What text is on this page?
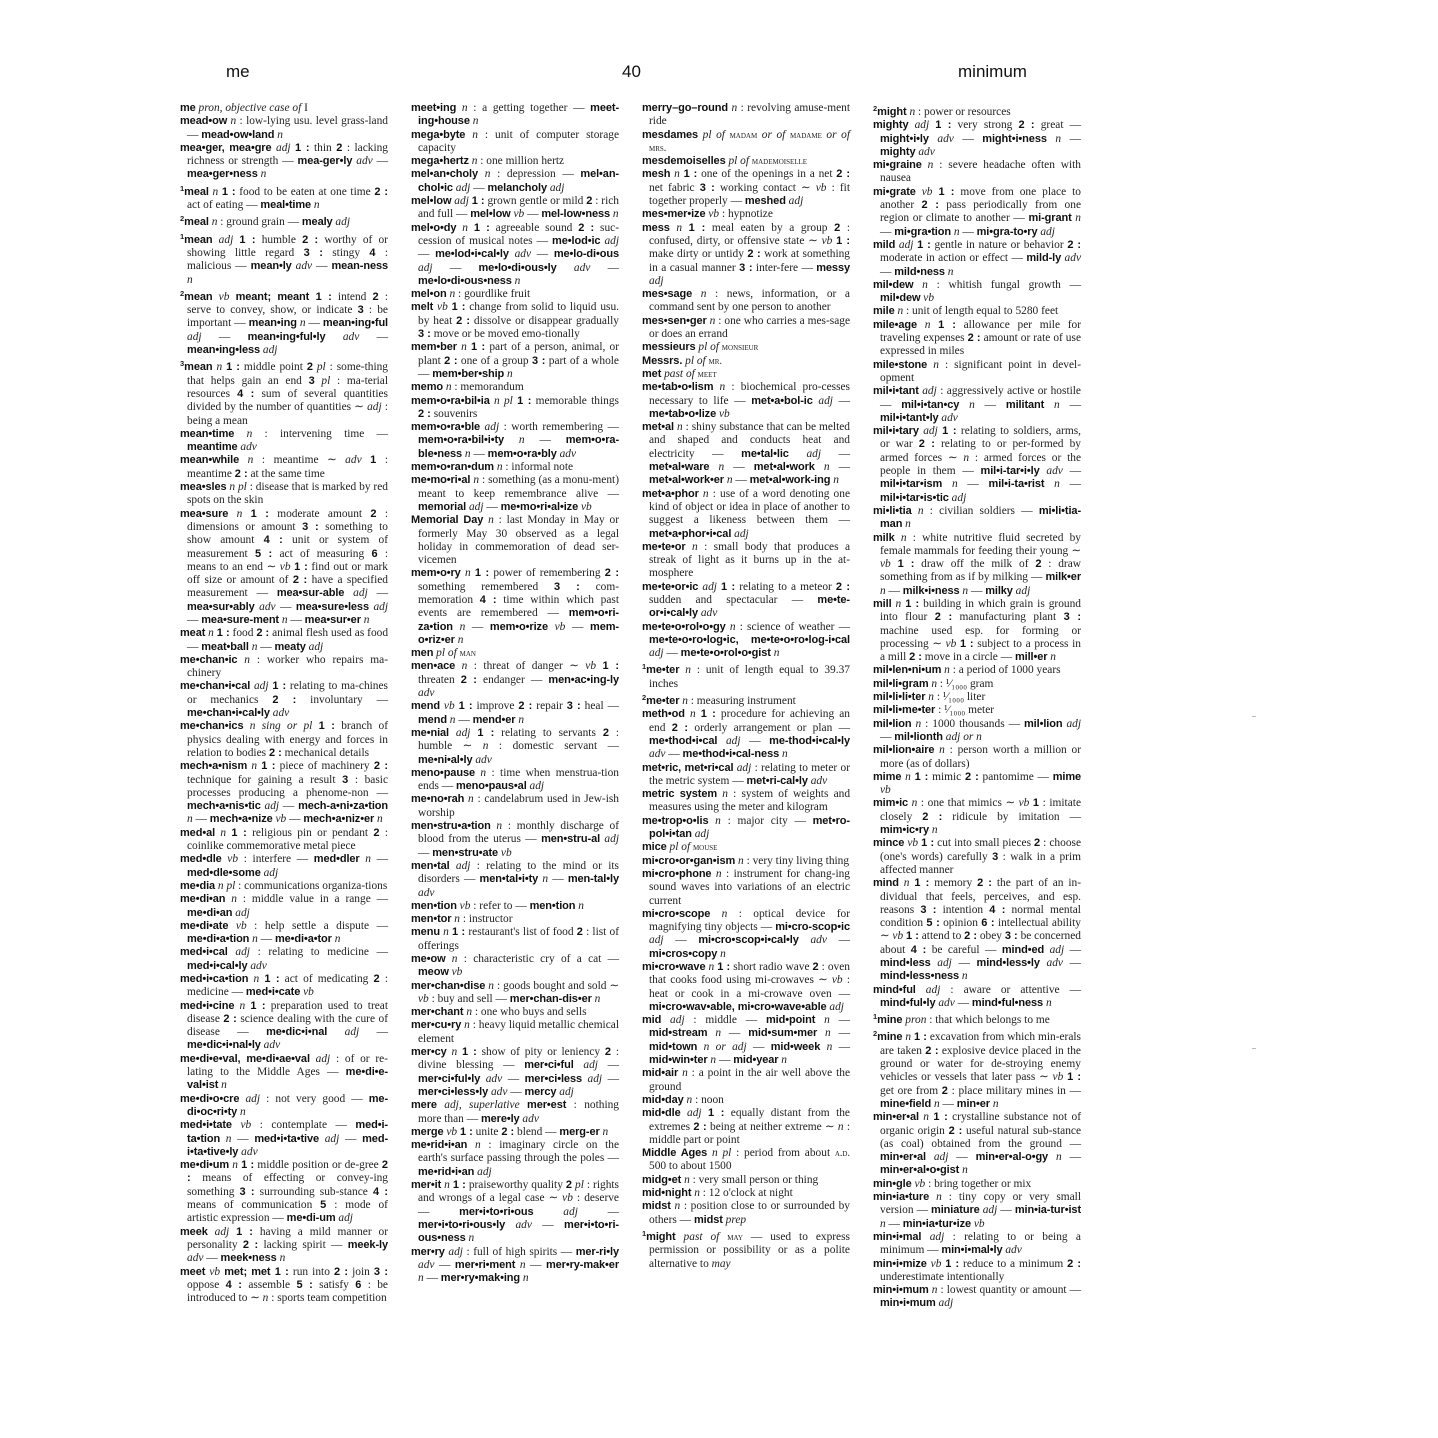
me	40	minimum

me pron, objective case of I

mead•ow n : low-lying usu. level grass-land — mead•ow•land n

mea•ger, mea•gre adj 1 : thin 2 : lacking richness or strength — mea-ger•ly adv — mea•ger•ness n

$^1$meal n 1 : food to be eaten at one time 2 : act of eating — meal•time n

$^2$meal n : ground grain — mealy adj

$^1$mean adj 1 : humble 2 : worthy of or showing little regard 3 : stingy 4 : malicious — mean•ly adv — mean-ness n

$^2$mean vb meant; meant 1 : intend 2 : serve to convey, show, or indicate 3 : be important — mean•ing n — mean•ing•ful adj — mean•ing•ful•ly adv — mean•ing•less adj

$^3$mean n 1 : middle point 2 pl : some-thing that helps gain an end 3 pl : ma-terial resources 4 : sum of several quantities divided by the number of quantities ∼ adj : being a mean

mean•time n : intervening time — meantime adv

mean•while n : meantime ∼ adv 1 : meantime 2 : at the same time

mea•sles n pl : disease that is marked by red spots on the skin

mea•sure n 1 : moderate amount 2 : dimensions or amount 3 : something to show amount 4 : unit or system of measurement 5 : act of measuring 6 : means to an end ∼ vb 1 : find out or mark off size or amount of 2 : have a specified measurement — mea•sur-able adj — mea•sur•ably adv — mea•sure•less adj — mea•sure-ment n — mea•sur•er n

meat n 1 : food 2 : animal flesh used as food — meat•ball n — meaty adj

me•chan•ic n : worker who repairs ma-chinery

me•chan•i•cal adj 1 : relating to ma-chines or mechanics 2 : involuntary — me•chan•i•cal•ly adv

me•chan•ics n sing or pl 1 : branch of physics dealing with energy and forces in relation to bodies 2 : mechanical details

mech•a•nism n 1 : piece of machinery 2 : technique for gaining a result 3 : basic processes producing a phenome-non — mech•a•nis•tic adj — mech-a•ni•za•tion n — mech•a•nize vb — mech•a•niz•er n

med•al n 1 : religious pin or pendant 2 : coinlike commemorative metal piece

med•dle vb : interfere — med•dler n — med•dle•some adj

me•dia n pl : communications organiza-tions

me•di•an n : middle value in a range — me•di•an adj

me•di•ate vb : help settle a dispute — me•di•a•tion n — me•di•a•tor n

med•i•cal adj : relating to medicine — med•i•cal•ly adv

med•i•ca•tion n 1 : act of medicating 2 : medicine — med•i•cate vb

med•i•cine n 1 : preparation used to treat disease 2 : science dealing with the cure of disease — me•dic•i•nal adj — me•dic•i•nal•ly adv

me•di•e•val, me•di•ae•val adj : of or re-lating to the Middle Ages — me•di•e-val•ist n

me•di•o•cre adj : not very good — me-di•oc•ri•ty n

med•i•tate vb : contemplate — med•i-ta•tion n — med•i•ta•tive adj — med-i•ta•tive•ly adv

me•di•um n 1 : middle position or de-gree 2 : means of effecting or convey-ing something 3 : surrounding sub-stance 4 : means of communication 5 : mode of artistic expression — me•di-um adj

meek adj 1 : having a mild manner or personality 2 : lacking spirit — meek-ly adv — meek•ness n

meet vb met; met 1 : run into 2 : join 3 : oppose 4 : assemble 5 : satisfy 6 : be introduced to ∼ n : sports team competition

meet•ing n : a getting together — meet-ing•house n

mega•byte n : unit of computer storage capacity

mega•hertz n : one million hertz

mel•an•choly n : depression — mel•an-chol•ic adj — melancholy adj

mel•low adj 1 : grown gentle or mild 2 : rich and full — mel•low vb — mel-low•ness n

mel•o•dy n 1 : agreeable sound 2 : suc-cession of musical notes — me•lod•ic adj — me•lod•i•cal•ly adv — me•lo-di•ous adj — me•lo•di•ous•ly adv — me•lo•di•ous•ness n

mel•on n : gourdlike fruit

melt vb 1 : change from solid to liquid usu. by heat 2 : dissolve or disappear gradually 3 : move or be moved emo-tionally

mem•ber n 1 : part of a person, animal, or plant 2 : one of a group 3 : part of a whole — mem•ber•ship n

memo n : memorandum

mem•o•ra•bil•ia n pl 1 : memorable things 2 : souvenirs

mem•o•ra•ble adj : worth remembering — mem•o•ra•bil•i•ty n — mem•o•ra-ble•ness n — mem•o•ra•bly adv

mem•o•ran•dum n : informal note

me•mo•ri•al n : something (as a monu-ment) meant to keep remembrance alive — memorial adj — me•mo•ri•al•ize vb

Memorial Day n : last Monday in May or formerly May 30 observed as a legal holiday in commemoration of dead ser-vicemen

mem•o•ry n 1 : power of remembering 2 : something remembered 3 : com-memoration 4 : time within which past events are remembered — mem•o•ri-za•tion n — mem•o•rize vb — mem-o•riz•er n

men pl of man

men•ace n : threat of danger ∼ vb 1 : threaten 2 : endanger — men•ac•ing-ly adv

mend vb 1 : improve 2 : repair 3 : heal — mend n — mend•er n

me•nial adj 1 : relating to servants 2 : humble ∼ n : domestic servant — me•ni•al•ly adv

meno•pause n : time when menstrua-tion ends — meno•paus•al adj

me•no•rah n : candelabrum used in Jew-ish worship

men•stru•a•tion n : monthly discharge of blood from the uterus — men•stru-al adj — men•stru•ate vb

men•tal adj : relating to the mind or its disorders — men•tal•i•ty n — men-tal•ly adv

men•tion vb : refer to — men•tion n

men•tor n : instructor

menu n 1 : restaurant's list of food 2 : list of offerings

me•ow n : characteristic cry of a cat — meow vb

mer•chan•dise n : goods bought and sold ∼ vb : buy and sell — mer•chan-dis•er n

mer•chant n : one who buys and sells

mer•cu•ry n : heavy liquid metallic chemical element

mer•cy n 1 : show of pity or leniency 2 : divine blessing — mer•ci•ful adj — mer•ci•ful•ly adv — mer•ci•less adj — mer•ci•less•ly adv — mercy adj

mere adj, superlative mer•est : nothing more than — mere•ly adv

merge vb 1 : unite 2 : blend — merg-er n

me•rid•i•an n : imaginary circle on the earth's surface passing through the poles — me•rid•i•an adj

mer•it n 1 : praiseworthy quality 2 pl : rights and wrongs of a legal case ∼ vb : deserve — mer•i•to•ri•ous adj — mer•i•to•ri•ous•ly adv — mer•i•to•ri-ous•ness n

mer•ry adj : full of high spirits — mer-ri•ly adv — mer•ri•ment n — mer•ry-mak•er n — mer•ry•mak•ing n

merry–go–round n : revolving amuse-ment ride

mesdames pl of madam or of madame or of mrs.

mesdemoiselles pl of mademoiselle

mesh n 1 : one of the openings in a net 2 : net fabric 3 : working contact ∼ vb : fit together properly — meshed adj

mes•mer•ize vb : hypnotize

mess n 1 : meal eaten by a group 2 : confused, dirty, or offensive state ∼ vb 1 : make dirty or untidy 2 : work at something in a casual manner 3 : inter-fere — messy adj

mes•sage n : news, information, or a command sent by one person to another

mes•sen•ger n : one who carries a mes-sage or does an errand

messieurs pl of monsieur

Messrs. pl of mr.

met past of meet

me•tab•o•lism n : biochemical pro-cesses necessary to life — met•a•bol-ic adj — me•tab•o•lize vb

met•al n : shiny substance that can be melted and shaped and conducts heat and electricity — me•tal•lic adj — met•al•ware n — met•al•work n — met•al•work•er n — met•al•work-ing n

met•a•phor n : use of a word denoting one kind of object or idea in place of another to suggest a likeness between them — met•a•phor•i•cal adj

me•te•or n : small body that produces a streak of light as it burns up in the at-mosphere

me•te•or•ic adj 1 : relating to a meteor 2 : sudden and spectacular — me•te-or•i•cal•ly adv

me•te•o•rol•o•gy n : science of weather — me•te•o•ro•log•ic, me•te•o•ro•log-i•cal adj — me•te•o•rol•o•gist n

$^1$me•ter n : unit of length equal to 39.37 inches

$^2$me•ter n : measuring instrument

meth•od n 1 : procedure for achieving an end 2 : orderly arrangement or plan — me•thod•i•cal adj — me-thod•i•cal•ly adv — me•thod•i•cal-ness n

met•ric, met•ri•cal adj : relating to meter or the metric system — met•ri-cal•ly adv

metric system n : system of weights and measures using the meter and kilogram

me•trop•o•lis n : major city — met•ro-pol•i•tan adj

mice pl of mouse

mi•cro•or•gan•ism n : very tiny living thing

mi•cro•phone n : instrument for chang-ing sound waves into variations of an electric current

mi•cro•scope n : optical device for magnifying tiny objects — mi•cro-scop•ic adj — mi•cro•scop•i•cal•ly adv — mi•cros•copy n

mi•cro•wave n 1 : short radio wave 2 : oven that cooks food using mi-crowaves ∼ vb : heat or cook in a mi-crowave oven — mi•cro•wav•able, mi•cro•wave•able adj

mid adj : middle — mid•point n — mid•stream n — mid•sum•mer n — mid•town n or adj — mid•week n — mid•win•ter n — mid•year n

mid•air n : a point in the air well above the ground

mid•day n : noon

mid•dle adj 1 : equally distant from the extremes 2 : being at neither extreme ∼ n : middle part or point

Middle Ages n pl : period from about a.d. 500 to about 1500

midg•et n : very small person or thing

mid•night n : 12 o'clock at night

midst n : position close to or surrounded by others — midst prep

$^1$might past of may — used to express permission or possibility or as a polite alternative to may

$^2$might n : power or resources

mighty adj 1 : very strong 2 : great — might•i•ly adv — might•i•ness n — mighty adv

mi•graine n : severe headache often with nausea

mi•grate vb 1 : move from one place to another 2 : pass periodically from one region or climate to another — mi-grant n — mi•gra•tion n — mi•gra-to•ry adj

mild adj 1 : gentle in nature or behavior 2 : moderate in action or effect — mild-ly adv — mild•ness n

mil•dew n : whitish fungal growth — mil•dew vb

mile n : unit of length equal to 5280 feet

mile•age n 1 : allowance per mile for traveling expenses 2 : amount or rate of use expressed in miles

mile•stone n : significant point in devel-opment

mil•i•tant adj : aggressively active or hostile — mil•i•tan•cy n — militant n — mil•i•tant•ly adv

mil•i•tary adj 1 : relating to soldiers, arms, or war 2 : relating to or per-formed by armed forces ∼ n : armed forces or the people in them — mil•i-tar•i•ly adv — mil•i•tar•ism n — mil•i-ta•rist n — mil•i•tar•is•tic adj

mi•li•tia n : civilian soldiers — mi•li•tia-man n

milk n : white nutritive fluid secreted by female mammals for feeding their young ∼ vb 1 : draw off the milk of 2 : draw something from as if by milking — milk•er n — milk•i•ness n — milky adj

mill n 1 : building in which grain is ground into flour 2 : manufacturing plant 3 : machine used esp. for forming or processing ∼ vb 1 : subject to a process in a mill 2 : move in a circle — mill•er n

mil•len•ni•um n : a period of 1000 years

mil•li•gram n : ¹⁄₁₀₀₀ gram

mil•li•li•ter n : ¹⁄₁₀₀₀ liter

mil•li•me•ter : ¹⁄₁₀₀₀ meter

mil•lion n : 1000 thousands — mil•lion adj — mil•lionth adj or n

mil•lion•aire n : person worth a million or more (as of dollars)

mime n 1 : mimic 2 : pantomime — mime vb

mim•ic n : one that mimics ∼ vb 1 : imitate closely 2 : ridicule by imitation — mim•ic•ry n

mince vb 1 : cut into small pieces 2 : choose (one's words) carefully 3 : walk in a prim affected manner

mind n 1 : memory 2 : the part of an in-dividual that feels, perceives, and esp. reasons 3 : intention 4 : normal mental condition 5 : opinion 6 : intellectual ability ∼ vb 1 : attend to 2 : obey 3 : be concerned about 4 : be careful — mind•ed adj — mind•less adj — mind•less•ly adv — mind•less•ness n

mind•ful adj : aware or attentive — mind•ful•ly adv — mind•ful•ness n

$^1$mine pron : that which belongs to me

$^2$mine n 1 : excavation from which min-erals are taken 2 : explosive device placed in the ground or water for de-stroying enemy vehicles or vessels that later pass ∼ vb 1 : get ore from 2 : place military mines in — mine•field n — min•er n

min•er•al n 1 : crystalline substance not of organic origin 2 : useful natural sub-stance (as coal) obtained from the ground — min•er•al adj — min•er•al-o•gy n — min•er•al•o•gist n

min•gle vb : bring together or mix

min•ia•ture n : tiny copy or very small version — miniature adj — min•ia-tur•ist n — min•ia•tur•ize vb

min•i•mal adj : relating to or being a minimum — min•i•mal•ly adv

min•i•mize vb 1 : reduce to a minimum 2 : underestimate intentionally

min•i•mum n : lowest quantity or amount — min•i•mum adj
